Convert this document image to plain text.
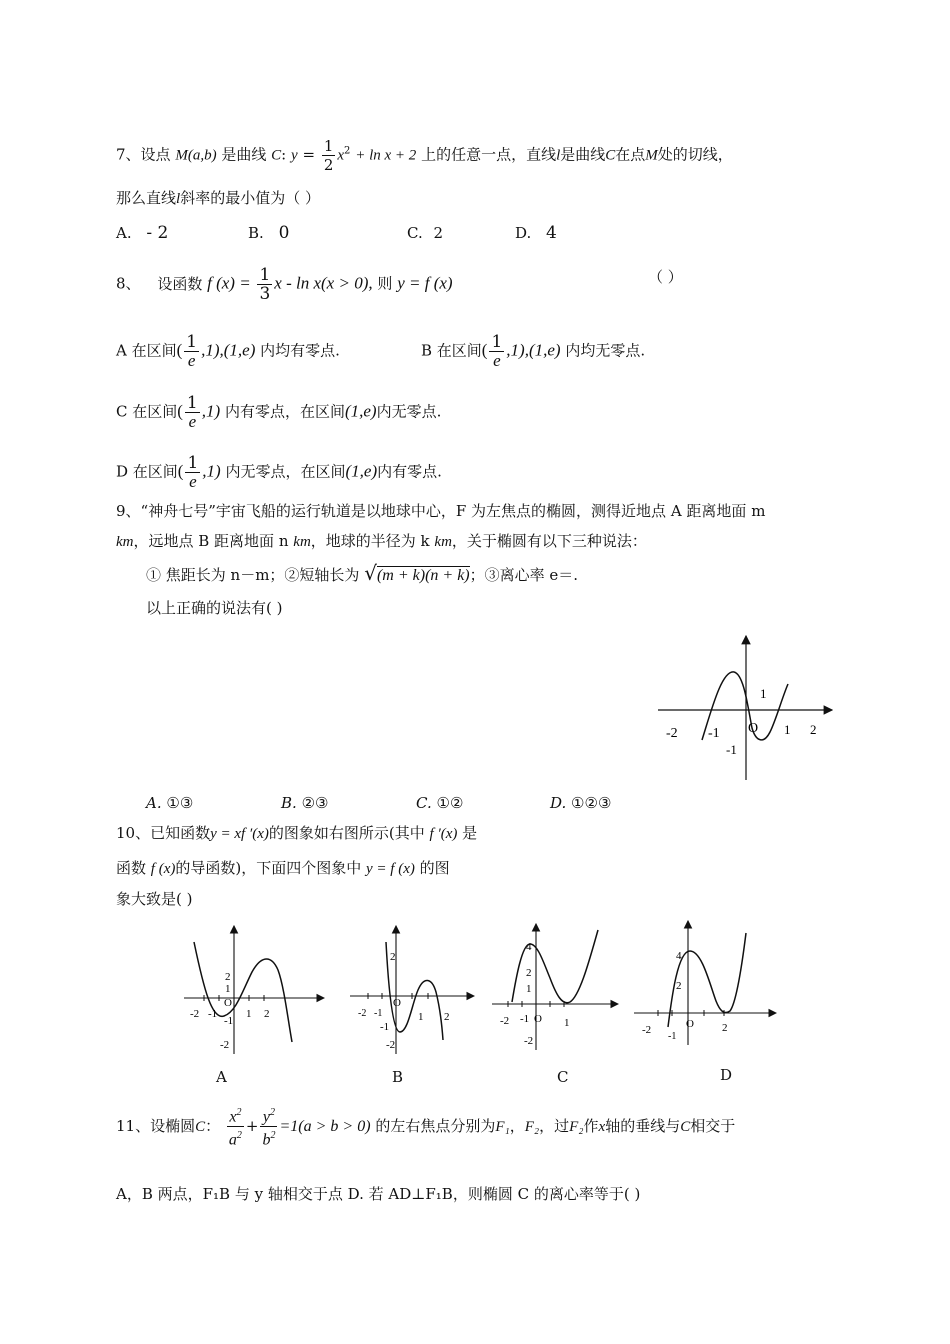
7、设点 M(a,b) 是曲线 C: $y = \frac{1}{2} x^2 + \ln x + 2$ 上的任意一点，直线l是曲线C在点M处的切线，
那么直线l斜率的最小值为（ ）
A. - 2	B. 0	C. 2	D. 4
8、 设函数 f $(x) = \frac{1}{3}$ x - ln x(x > 0), 则 y = f (x)	（ ）
A 在区间( $\frac{1}{e} ,1),(1,e)$ 内均有零点.	B 在区间( $\frac{1}{e} ,1),(1,e)$ 内均无零点.
C 在区间( $\frac{1}{e} ,1$) 内有零点，在区间(1,e)内无零点.
D 在区间( $\frac{1}{e} ,1$) 内无零点，在区间(1,e)内有零点.
9、“神舟七号”宇宙飞船的运行轨道是以地球中心，F 为左焦点的椭圆，测得近地点 A 距离地面 m
km，远地点 B 距离地面 n km，地球的半径为 k km，关于椭圆有以下三种说法：
① 焦距长为 n－m；②短轴长为 √(m + k)(n + k)；③离心率 e＝.
以上正确的说法有( )
-2 -1	1 2
1
-1
O
A. ①③	B. ②③	C. ①②	D. ①②③
10、已知函数y = xf ′(x)的图象如右图所示(其中 f ′(x) 是
函数 f (x)的导函数)，下面四个图象中 y = f (x) 的图
象大致是( )
-2 -1
O
1 2
2
1
-1
-2
A
-2 -1
O
1 2
2
-1
-2
B
-2 -1 O 1
4
2
1
-2
C
-2
-1
O	2
4
2
D
11、设椭圆C： $\frac{x^2}{a^2} + \frac{y^2}{b^2} =1(a > b > 0)$ 的左右焦点分别为F₁，F₂，过F₂作x轴的垂线与C相交于
A，B 两点，F₁B 与 y 轴相交于点 D. 若 AD⊥F₁B，则椭圆 C 的离心率等于( )
